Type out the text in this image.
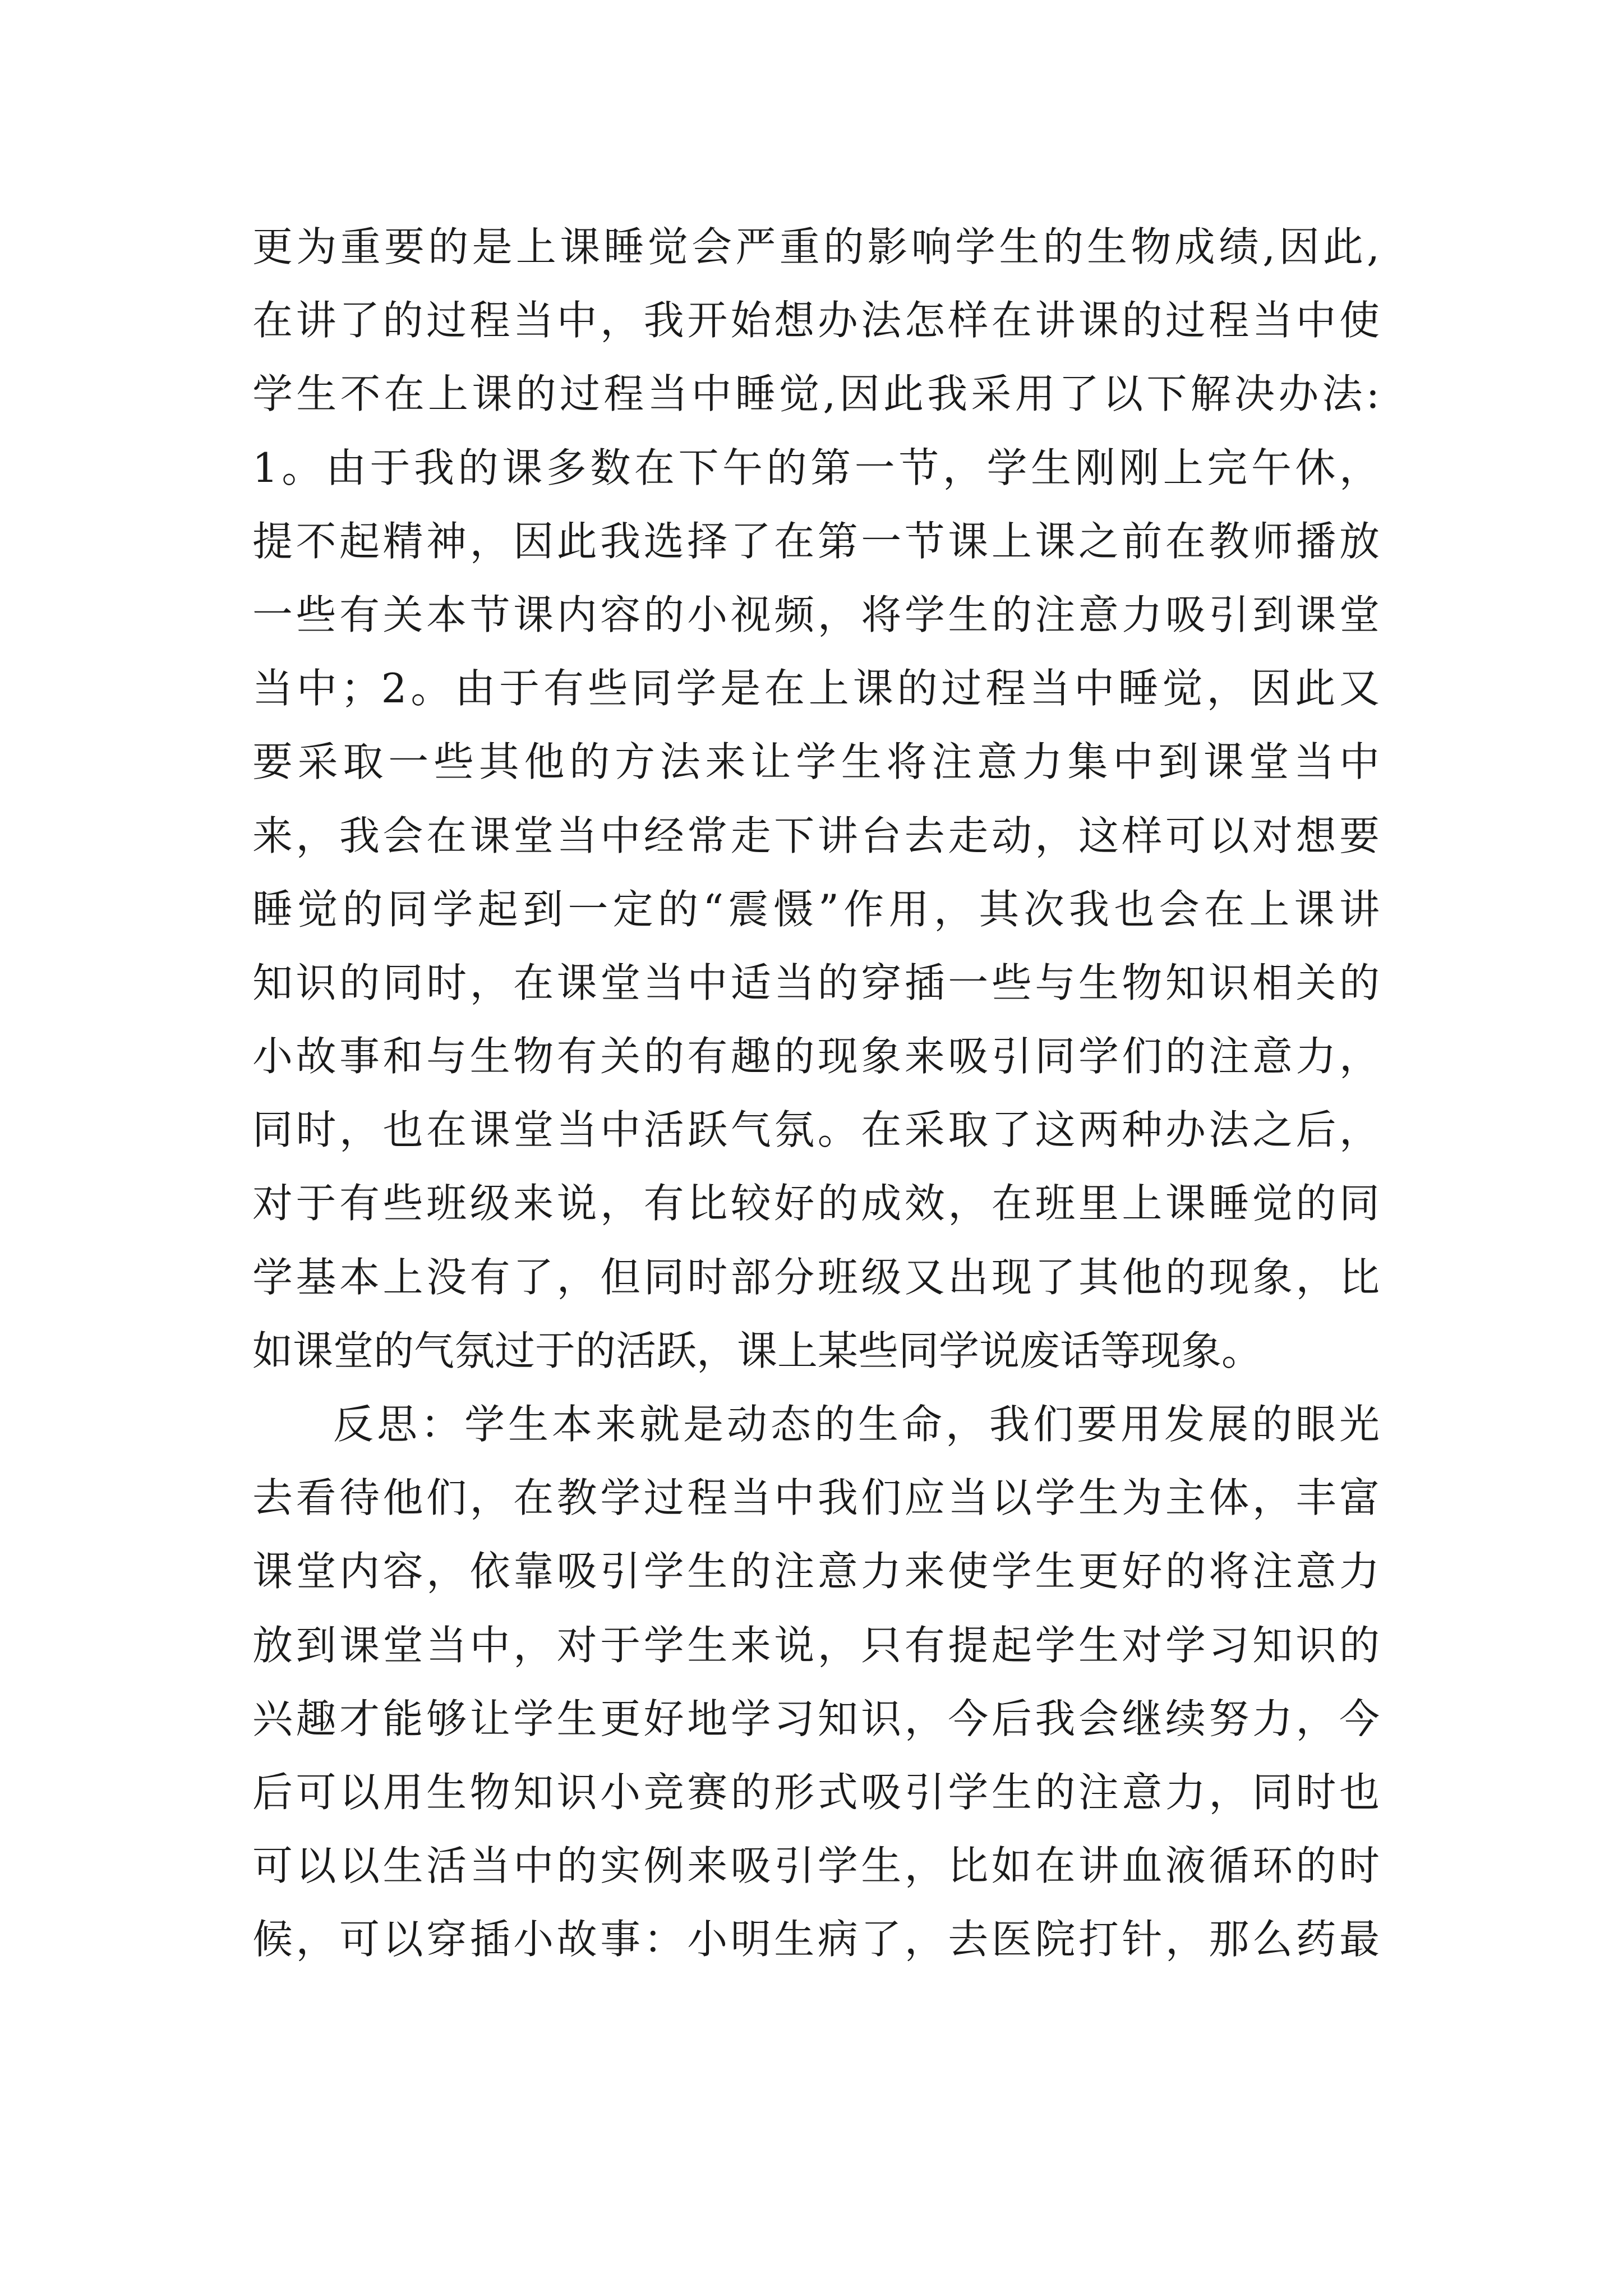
更为重要的是上课睡觉会严重的影响学生的生物成绩,因此,
在讲了的过程当中，我开始想办法怎样在讲课的过程当中使
学生不在上课的过程当中睡觉,因此我采用了以下解决办法:
1。由于我的课多数在下午的第一节，学生刚刚上完午休，
提不起精神，因此我选择了在第一节课上课之前在教师播放
一些有关本节课内容的小视频，将学生的注意力吸引到课堂
当中；2。由于有些同学是在上课的过程当中睡觉，因此又
要采取一些其他的方法来让学生将注意力集中到课堂当中
来，我会在课堂当中经常走下讲台去走动，这样可以对想要
睡觉的同学起到一定的“震慑”作用，其次我也会在上课讲
知识的同时，在课堂当中适当的穿插一些与生物知识相关的
小故事和与生物有关的有趣的现象来吸引同学们的注意力，
同时，也在课堂当中活跃气氛。在采取了这两种办法之后，
对于有些班级来说，有比较好的成效，在班里上课睡觉的同
学基本上没有了，但同时部分班级又出现了其他的现象，比
如课堂的气氛过于的活跃，课上某些同学说废话等现象。
反思：学生本来就是动态的生命，我们要用发展的眼光
去看待他们，在教学过程当中我们应当以学生为主体，丰富
课堂内容，依靠吸引学生的注意力来使学生更好的将注意力
放到课堂当中，对于学生来说，只有提起学生对学习知识的
兴趣才能够让学生更好地学习知识，今后我会继续努力，今
后可以用生物知识小竞赛的形式吸引学生的注意力，同时也
可以以生活当中的实例来吸引学生，比如在讲血液循环的时
候，可以穿插小故事：小明生病了，去医院打针，那么药最
